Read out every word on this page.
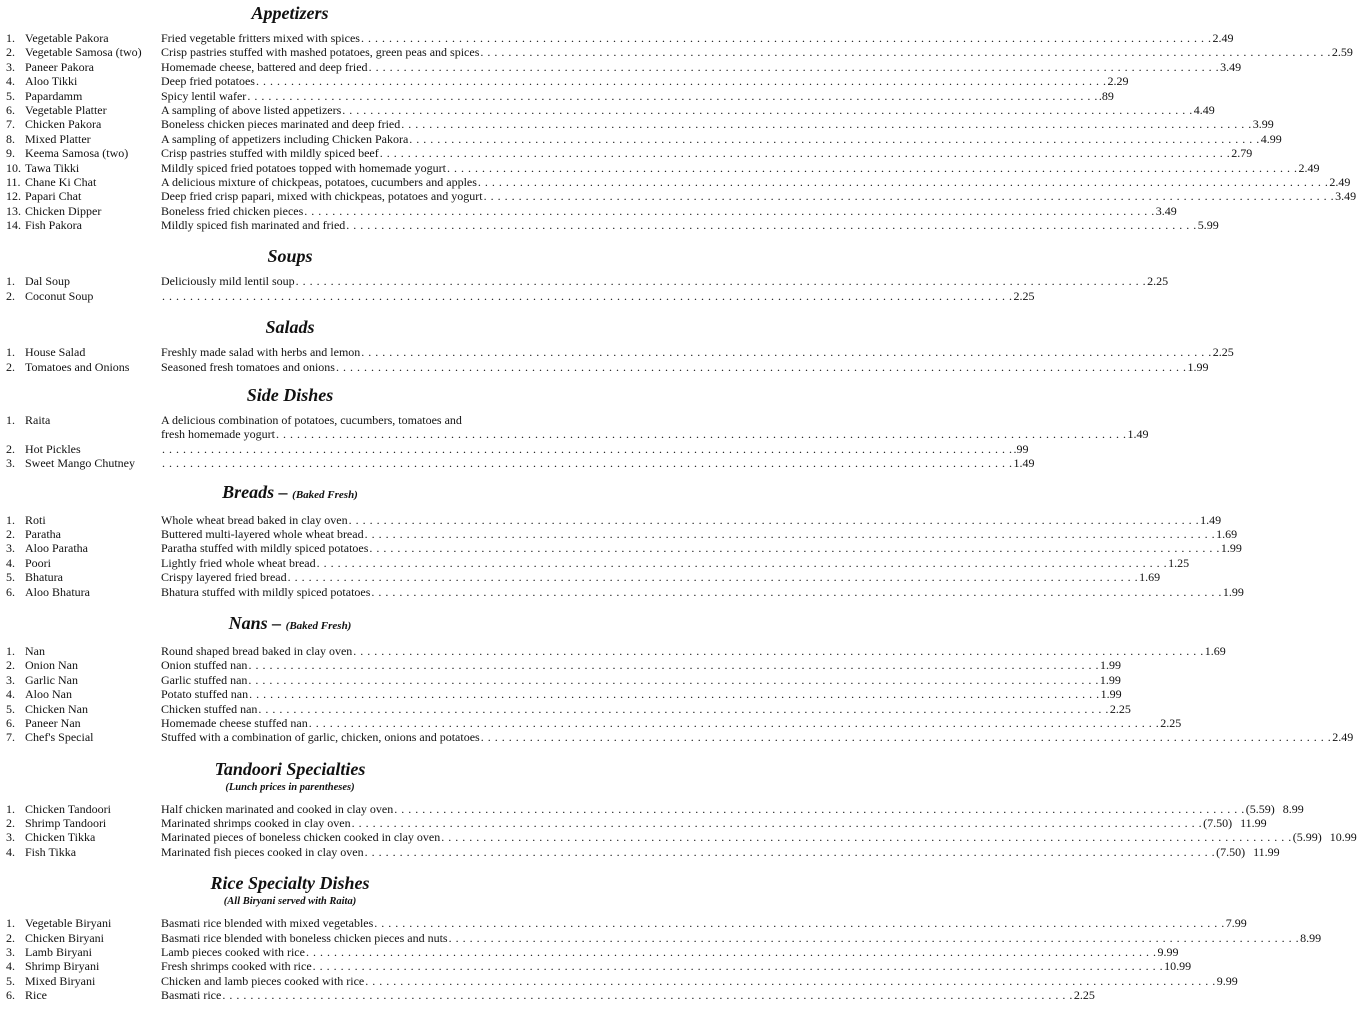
Appetizers
1. Vegetable Pakora	Fried vegetable fritters mixed with spices . . . . . . . . . . . . . . . . . . . . . . . . . . . . . . . . . . . . . . . . . . . . . . . . . . . . . . . . . . . . . . . . . . . . . . . . . . . . . . . . . . . . . . . . . . . . . . . . . . . . . . . . . . . . . . . . . . . . . . . . . . 2.49
2. Vegetable Samosa (two) Crisp pastries stuffed with mashed potatoes, green peas and spices . . . . . . . . . . . . . . . . . . . . . . . . . . . . . . . . . . . . . . . . . . . . . . . . . . . . . . . . . . . . . . . . . . . . . . . . . . . . . . . . . . . . . . . . . . . . . . . . . . . . . . . . . . . . . . . . . . . . . . . . . . 2.59
3. Paneer Pakora	Homemade cheese, battered and deep fried . . . . . . . . . . . . . . . . . . . . . . . . . . . . . . . . . . . . . . . . . . . . . . . . . . . . . . . . . . . . . . . . . . . . . . . . . . . . . . . . . . . . . . . . . . . . . . . . . . . . . . . . . . . . . . . . . . . . . . . . . . 3.49
4. Aloo Tikki	Deep fried potatoes . . . . . . . . . . . . . . . . . . . . . . . . . . . . . . . . . . . . . . . . . . . . . . . . . . . . . . . . . . . . . . . . . . . . . . . . . . . . . . . . . . . . . . . . . . . . . . . . . . . . . . . . . . . . . . . . . . . . . . . . . . 2.29
5. Papardamm	Spicy lentil wafer . . . . . . . . . . . . . . . . . . . . . . . . . . . . . . . . . . . . . . . . . . . . . . . . . . . . . . . . . . . . . . . . . . . . . . . . . . . . . . . . . . . . . . . . . . . . . . . . . . . . . . . . . . . . . . . . . . . . . . . . . . .89
6. Vegetable Platter	A sampling of above listed appetizers . . . . . . . . . . . . . . . . . . . . . . . . . . . . . . . . . . . . . . . . . . . . . . . . . . . . . . . . . . . . . . . . . . . . . . . . . . . . . . . . . . . . . . . . . . . . . . . . . . . . . . . . . . . . . . . . . . . . . . . . . . 4.49
7. Chicken Pakora	Boneless chicken pieces marinated and deep fried . . . . . . . . . . . . . . . . . . . . . . . . . . . . . . . . . . . . . . . . . . . . . . . . . . . . . . . . . . . . . . . . . . . . . . . . . . . . . . . . . . . . . . . . . . . . . . . . . . . . . . . . . . . . . . . . . . . . . . . . . . 3.99
8. Mixed Platter	A sampling of appetizers including Chicken Pakora . . . . . . . . . . . . . . . . . . . . . . . . . . . . . . . . . . . . . . . . . . . . . . . . . . . . . . . . . . . . . . . . . . . . . . . . . . . . . . . . . . . . . . . . . . . . . . . . . . . . . . . . . . . . . . . . . . . . . . . . . . 4.99
9. Keema Samosa (two)	Crisp pastries stuffed with mildly spiced beef . . . . . . . . . . . . . . . . . . . . . . . . . . . . . . . . . . . . . . . . . . . . . . . . . . . . . . . . . . . . . . . . . . . . . . . . . . . . . . . . . . . . . . . . . . . . . . . . . . . . . . . . . . . . . . . . . . . . . . . . . . 2.79
10. Tawa Tikki	Mildly spiced fried potatoes topped with homemade yogurt . . . . . . . . . . . . . . . . . . . . . . . . . . . . . . . . . . . . . . . . . . . . . . . . . . . . . . . . . . . . . . . . . . . . . . . . . . . . . . . . . . . . . . . . . . . . . . . . . . . . . . . . . . . . . . . . . . . . . . . . . . 2.49
11. Chane Ki Chat	A delicious mixture of chickpeas, potatoes, cucumbers and apples . . . . . . . . . . . . . . . . . . . . . . . . . . . . . . . . . . . . . . . . . . . . . . . . . . . . . . . . . . . . . . . . . . . . . . . . . . . . . . . . . . . . . . . . . . . . . . . . . . . . . . . . . . . . . . . . . . . . . . . . . . 2.49
12. Papari Chat	Deep fried crisp papari, mixed with chickpeas, potatoes and yogurt . . . . . . . . . . . . . . . . . . . . . . . . . . . . . . . . . . . . . . . . . . . . . . . . . . . . . . . . . . . . . . . . . . . . . . . . . . . . . . . . . . . . . . . . . . . . . . . . . . . . . . . . . . . . . . . . . . . . . . . . . . 3.49
13. Chicken Dipper	Boneless fried chicken pieces . . . . . . . . . . . . . . . . . . . . . . . . . . . . . . . . . . . . . . . . . . . . . . . . . . . . . . . . . . . . . . . . . . . . . . . . . . . . . . . . . . . . . . . . . . . . . . . . . . . . . . . . . . . . . . . . . . . . . . . . . . 3.49
14. Fish Pakora	Mildly spiced fish marinated and fried . . . . . . . . . . . . . . . . . . . . . . . . . . . . . . . . . . . . . . . . . . . . . . . . . . . . . . . . . . . . . . . . . . . . . . . . . . . . . . . . . . . . . . . . . . . . . . . . . . . . . . . . . . . . . . . . . . . . . . . . . . 5.99
Soups
1. Dal Soup	Deliciously mild lentil soup . . . . . . . . . . . . . . . . . . . . . . . . . . . . . . . . . . . . . . . . . . . . . . . . . . . . . . . . . . . . . . . . . . . . . . . . . . . . . . . . . . . . . . . . . . . . . . . . . . . . . . . . . . . . . . . . . . . . . . . . . . 2.25
2. Coconut Soup	. . . . . . . . . . . . . . . . . . . . . . . . . . . . . . . . . . . . . . . . . . . . . . . . . . . . . . . . . . . . . . . . . . . . . . . . . . . . . . . . . . . . . . . . . . . . . . . . . . . . . . . . . . . . . . . . . . . . . . . . . . 2.25
Salads
1. House Salad	Freshly made salad with herbs and lemon . . . . . . . . . . . . . . . . . . . . . . . . . . . . . . . . . . . . . . . . . . . . . . . . . . . . . . . . . . . . . . . . . . . . . . . . . . . . . . . . . . . . . . . . . . . . . . . . . . . . . . . . . . . . . . . . . . . . . . . . . . 2.25
2. Tomatoes and Onions	Seasoned fresh tomatoes and onions . . . . . . . . . . . . . . . . . . . . . . . . . . . . . . . . . . . . . . . . . . . . . . . . . . . . . . . . . . . . . . . . . . . . . . . . . . . . . . . . . . . . . . . . . . . . . . . . . . . . . . . . . . . . . . . . . . . . . . . . . . 1.99
Side Dishes
1. Raita	A delicious combination of potatoes, cucumbers, tomatoes and
fresh homemade yogurt . . . . . . . . . . . . . . . . . . . . . . . . . . . . . . . . . . . . . . . . . . . . . . . . . . . . . . . . . . . . . . . . . . . . . . . . . . . . . . . . . . . . . . . . . . . . . . . . . . . . . . . . . . . . . . . . . . . . . . . . . . 1.49
2. Hot Pickles	. . . . . . . . . . . . . . . . . . . . . . . . . . . . . . . . . . . . . . . . . . . . . . . . . . . . . . . . . . . . . . . . . . . . . . . . . . . . . . . . . . . . . . . . . . . . . . . . . . . . . . . . . . . . . . . . . . . . . . . . . . .99
3. Sweet Mango Chutney . . . . . . . . . . . . . . . . . . . . . . . . . . . . . . . . . . . . . . . . . . . . . . . . . . . . . . . . . . . . . . . . . . . . . . . . . . . . . . . . . . . . . . . . . . . . . . . . . . . . . . . . . . . . . . . . . . . . . . . . . . 1.49
Breads – (Baked Fresh)
1. Roti	Whole wheat bread baked in clay oven . . . . . . . . . . . . . . . . . . . . . . . . . . . . . . . . . . . . . . . . . . . . . . . . . . . . . . . . . . . . . . . . . . . . . . . . . . . . . . . . . . . . . . . . . . . . . . . . . . . . . . . . . . . . . . . . . . . . . . . . . . 1.49
2. Paratha	Buttered multi-layered whole wheat bread . . . . . . . . . . . . . . . . . . . . . . . . . . . . . . . . . . . . . . . . . . . . . . . . . . . . . . . . . . . . . . . . . . . . . . . . . . . . . . . . . . . . . . . . . . . . . . . . . . . . . . . . . . . . . . . . . . . . . . . . . . 1.69
3. Aloo Paratha	Paratha stuffed with mildly spiced potatoes . . . . . . . . . . . . . . . . . . . . . . . . . . . . . . . . . . . . . . . . . . . . . . . . . . . . . . . . . . . . . . . . . . . . . . . . . . . . . . . . . . . . . . . . . . . . . . . . . . . . . . . . . . . . . . . . . . . . . . . . . . 1.99
4. Poori	Lightly fried whole wheat bread . . . . . . . . . . . . . . . . . . . . . . . . . . . . . . . . . . . . . . . . . . . . . . . . . . . . . . . . . . . . . . . . . . . . . . . . . . . . . . . . . . . . . . . . . . . . . . . . . . . . . . . . . . . . . . . . . . . . . . . . . . 1.25
5. Bhatura	Crispy layered fried bread . . . . . . . . . . . . . . . . . . . . . . . . . . . . . . . . . . . . . . . . . . . . . . . . . . . . . . . . . . . . . . . . . . . . . . . . . . . . . . . . . . . . . . . . . . . . . . . . . . . . . . . . . . . . . . . . . . . . . . . . . . 1.69
6. Aloo Bhatura	Bhatura stuffed with mildly spiced potatoes . . . . . . . . . . . . . . . . . . . . . . . . . . . . . . . . . . . . . . . . . . . . . . . . . . . . . . . . . . . . . . . . . . . . . . . . . . . . . . . . . . . . . . . . . . . . . . . . . . . . . . . . . . . . . . . . . . . . . . . . . . 1.99
Nans – (Baked Fresh)
1. Nan	Round shaped bread baked in clay oven . . . . . . . . . . . . . . . . . . . . . . . . . . . . . . . . . . . . . . . . . . . . . . . . . . . . . . . . . . . . . . . . . . . . . . . . . . . . . . . . . . . . . . . . . . . . . . . . . . . . . . . . . . . . . . . . . . . . . . . . . . 1.69
2. Onion Nan	Onion stuffed nan . . . . . . . . . . . . . . . . . . . . . . . . . . . . . . . . . . . . . . . . . . . . . . . . . . . . . . . . . . . . . . . . . . . . . . . . . . . . . . . . . . . . . . . . . . . . . . . . . . . . . . . . . . . . . . . . . . . . . . . . . . 1.99
3. Garlic Nan	Garlic stuffed nan . . . . . . . . . . . . . . . . . . . . . . . . . . . . . . . . . . . . . . . . . . . . . . . . . . . . . . . . . . . . . . . . . . . . . . . . . . . . . . . . . . . . . . . . . . . . . . . . . . . . . . . . . . . . . . . . . . . . . . . . . . 1.99
4. Aloo Nan	Potato stuffed nan . . . . . . . . . . . . . . . . . . . . . . . . . . . . . . . . . . . . . . . . . . . . . . . . . . . . . . . . . . . . . . . . . . . . . . . . . . . . . . . . . . . . . . . . . . . . . . . . . . . . . . . . . . . . . . . . . . . . . . . . . . 1.99
5. Chicken Nan	Chicken stuffed nan . . . . . . . . . . . . . . . . . . . . . . . . . . . . . . . . . . . . . . . . . . . . . . . . . . . . . . . . . . . . . . . . . . . . . . . . . . . . . . . . . . . . . . . . . . . . . . . . . . . . . . . . . . . . . . . . . . . . . . . . . . 2.25
6. Paneer Nan	Homemade cheese stuffed nan . . . . . . . . . . . . . . . . . . . . . . . . . . . . . . . . . . . . . . . . . . . . . . . . . . . . . . . . . . . . . . . . . . . . . . . . . . . . . . . . . . . . . . . . . . . . . . . . . . . . . . . . . . . . . . . . . . . . . . . . . . 2.25
7. Chef's Special	Stuffed with a combination of garlic, chicken, onions and potatoes . . . . . . . . . . . . . . . . . . . . . . . . . . . . . . . . . . . . . . . . . . . . . . . . . . . . . . . . . . . . . . . . . . . . . . . . . . . . . . . . . . . . . . . . . . . . . . . . . . . . . . . . . . . . . . . . . . . . . . . . . . 2.49
Tandoori Specialties
(Lunch prices in parentheses)
1. Chicken Tandoori	Half chicken marinated and cooked in clay oven . . . . . . . . . . . . . . . . . . . . . . . . . . . . . . . . . . . . . . . . . . . . . . . . . . . . . . . . . . . . . . . . . . . . . . . . . . . . . . . . . . . . . . . . . . . . . . . . . . . . . . . . . . . . . . . . . . . . . . . . . . (5.59) 8.99
2. Shrimp Tandoori	Marinated shrimps cooked in clay oven . . . . . . . . . . . . . . . . . . . . . . . . . . . . . . . . . . . . . . . . . . . . . . . . . . . . . . . . . . . . . . . . . . . . . . . . . . . . . . . . . . . . . . . . . . . . . . . . . . . . . . . . . . . . . . . . . . . . . . . . . . (7.50) 11.99
3. Chicken Tikka	Marinated pieces of boneless chicken cooked in clay oven . . . . . . . . . . . . . . . . . . . . . . . . . . . . . . . . . . . . . . . . . . . . . . . . . . . . . . . . . . . . . . . . . . . . . . . . . . . . . . . . . . . . . . . . . . . . . . . . . . . . . . . . . . . . . . . . . . . . . . . . . . (5.99) 10.99
4. Fish Tikka	Marinated fish pieces cooked in clay oven . . . . . . . . . . . . . . . . . . . . . . . . . . . . . . . . . . . . . . . . . . . . . . . . . . . . . . . . . . . . . . . . . . . . . . . . . . . . . . . . . . . . . . . . . . . . . . . . . . . . . . . . . . . . . . . . . . . . . . . . . . (7.50) 11.99
Rice Specialty Dishes
(All Biryani served with Raita)
1. Vegetable Biryani	Basmati rice blended with mixed vegetables . . . . . . . . . . . . . . . . . . . . . . . . . . . . . . . . . . . . . . . . . . . . . . . . . . . . . . . . . . . . . . . . . . . . . . . . . . . . . . . . . . . . . . . . . . . . . . . . . . . . . . . . . . . . . . . . . . . . . . . . . . 7.99
2. Chicken Biryani	Basmati rice blended with boneless chicken pieces and nuts . . . . . . . . . . . . . . . . . . . . . . . . . . . . . . . . . . . . . . . . . . . . . . . . . . . . . . . . . . . . . . . . . . . . . . . . . . . . . . . . . . . . . . . . . . . . . . . . . . . . . . . . . . . . . . . . . . . . . . . . . . 8.99
3. Lamb Biryani	Lamb pieces cooked with rice . . . . . . . . . . . . . . . . . . . . . . . . . . . . . . . . . . . . . . . . . . . . . . . . . . . . . . . . . . . . . . . . . . . . . . . . . . . . . . . . . . . . . . . . . . . . . . . . . . . . . . . . . . . . . . . . . . . . . . . . . . 9.99
4. Shrimp Biryani	Fresh shrimps cooked with rice . . . . . . . . . . . . . . . . . . . . . . . . . . . . . . . . . . . . . . . . . . . . . . . . . . . . . . . . . . . . . . . . . . . . . . . . . . . . . . . . . . . . . . . . . . . . . . . . . . . . . . . . . . . . . . . . . . . . . . . . . . 10.99
5. Mixed Biryani	Chicken and lamb pieces cooked with rice . . . . . . . . . . . . . . . . . . . . . . . . . . . . . . . . . . . . . . . . . . . . . . . . . . . . . . . . . . . . . . . . . . . . . . . . . . . . . . . . . . . . . . . . . . . . . . . . . . . . . . . . . . . . . . . . . . . . . . . . . . 9.99
6. Rice	Basmati rice . . . . . . . . . . . . . . . . . . . . . . . . . . . . . . . . . . . . . . . . . . . . . . . . . . . . . . . . . . . . . . . . . . . . . . . . . . . . . . . . . . . . . . . . . . . . . . . . . . . . . . . . . . . . . . . . . . . . . . . . . . 2.25
